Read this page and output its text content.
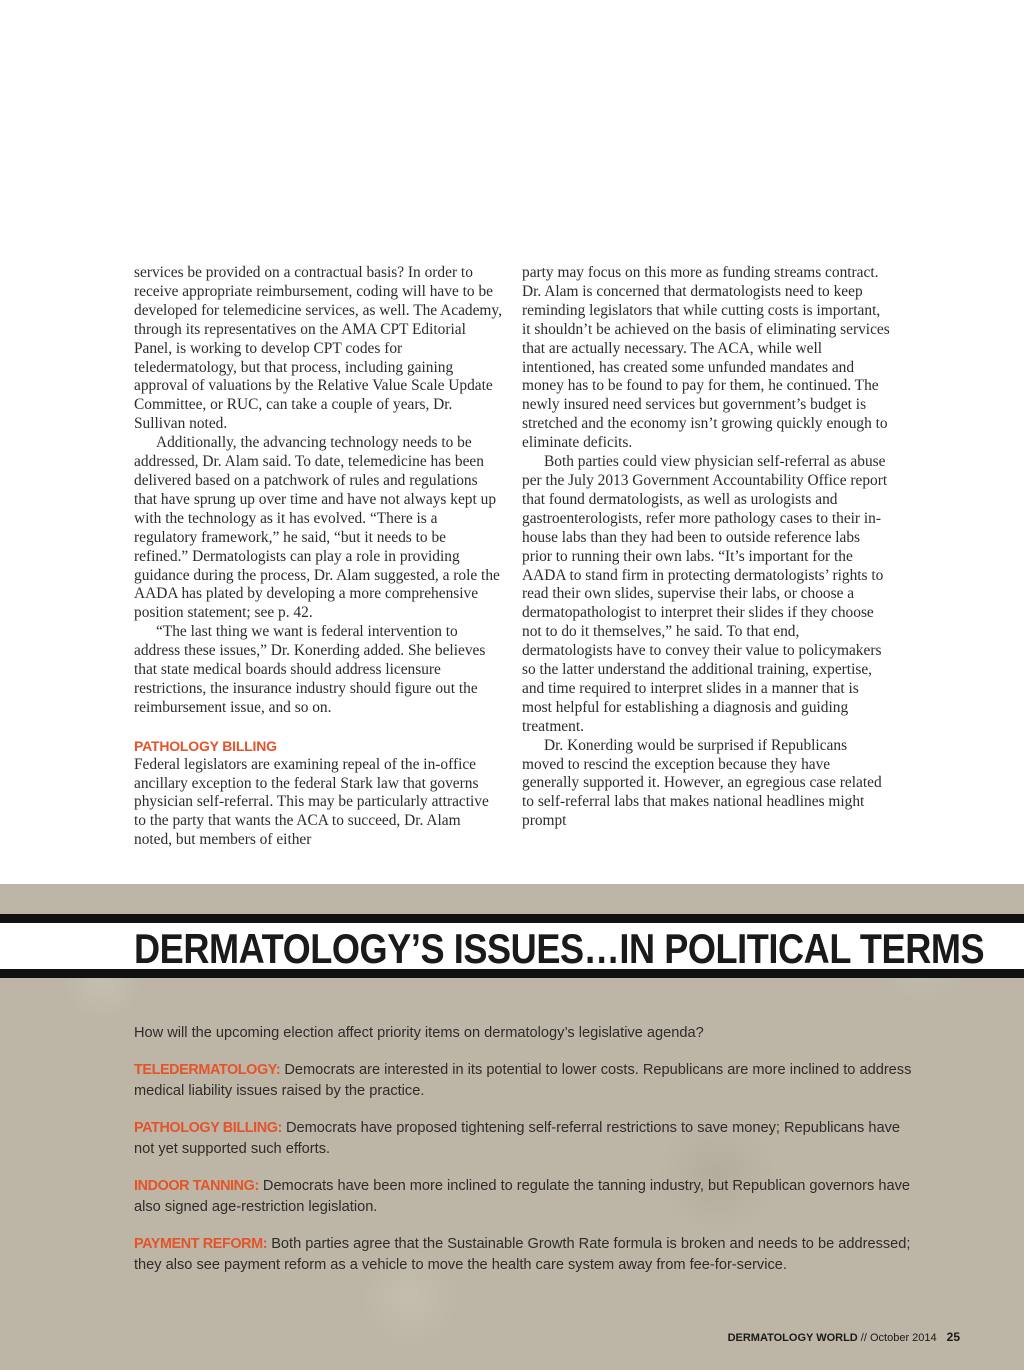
services be provided on a contractual basis? In order to receive appropriate reimbursement, coding will have to be developed for telemedicine services, as well. The Academy, through its representatives on the AMA CPT Editorial Panel, is working to develop CPT codes for teledermatology, but that process, including gaining approval of valuations by the Relative Value Scale Update Committee, or RUC, can take a couple of years, Dr. Sullivan noted.

Additionally, the advancing technology needs to be addressed, Dr. Alam said. To date, telemedicine has been delivered based on a patchwork of rules and regulations that have sprung up over time and have not always kept up with the technology as it has evolved. “There is a regulatory framework,” he said, “but it needs to be refined.” Dermatologists can play a role in providing guidance during the process, Dr. Alam suggested, a role the AADA has plated by developing a more comprehensive position statement; see p. 42.

“The last thing we want is federal intervention to address these issues,” Dr. Konerding added. She believes that state medical boards should address licensure restrictions, the insurance industry should figure out the reimbursement issue, and so on.

PATHOLOGY BILLING

Federal legislators are examining repeal of the in-office ancillary exception to the federal Stark law that governs physician self-referral. This may be particularly attractive to the party that wants the ACA to succeed, Dr. Alam noted, but members of either

party may focus on this more as funding streams contract. Dr. Alam is concerned that dermatologists need to keep reminding legislators that while cutting costs is important, it shouldn’t be achieved on the basis of eliminating services that are actually necessary. The ACA, while well intentioned, has created some unfunded mandates and money has to be found to pay for them, he continued. The newly insured need services but government’s budget is stretched and the economy isn’t growing quickly enough to eliminate deficits.

Both parties could view physician self-referral as abuse per the July 2013 Government Accountability Office report that found dermatologists, as well as urologists and gastroenterologists, refer more pathology cases to their in-house labs than they had been to outside reference labs prior to running their own labs. “It’s important for the AADA to stand firm in protecting dermatologists’ rights to read their own slides, supervise their labs, or choose a dermatopathologist to interpret their slides if they choose not to do it themselves,” he said. To that end, dermatologists have to convey their value to policymakers so the latter understand the additional training, expertise, and time required to interpret slides in a manner that is most helpful for establishing a diagnosis and guiding treatment.

Dr. Konerding would be surprised if Republicans moved to rescind the exception because they have generally supported it. However, an egregious case related to self-referral labs that makes national headlines might prompt

DERMATOLOGY’S ISSUES…IN POLITICAL TERMS

How will the upcoming election affect priority items on dermatology’s legislative agenda?

TELEDERMATOLOGY: Democrats are interested in its potential to lower costs. Republicans are more inclined to address medical liability issues raised by the practice.

PATHOLOGY BILLING: Democrats have proposed tightening self-referral restrictions to save money; Republicans have not yet supported such efforts.

INDOOR TANNING: Democrats have been more inclined to regulate the tanning industry, but Republican governors have also signed age-restriction legislation.

PAYMENT REFORM: Both parties agree that the Sustainable Growth Rate formula is broken and needs to be addressed; they also see payment reform as a vehicle to move the health care system away from fee-for-service.

DERMATOLOGY WORLD // October 2014 25
